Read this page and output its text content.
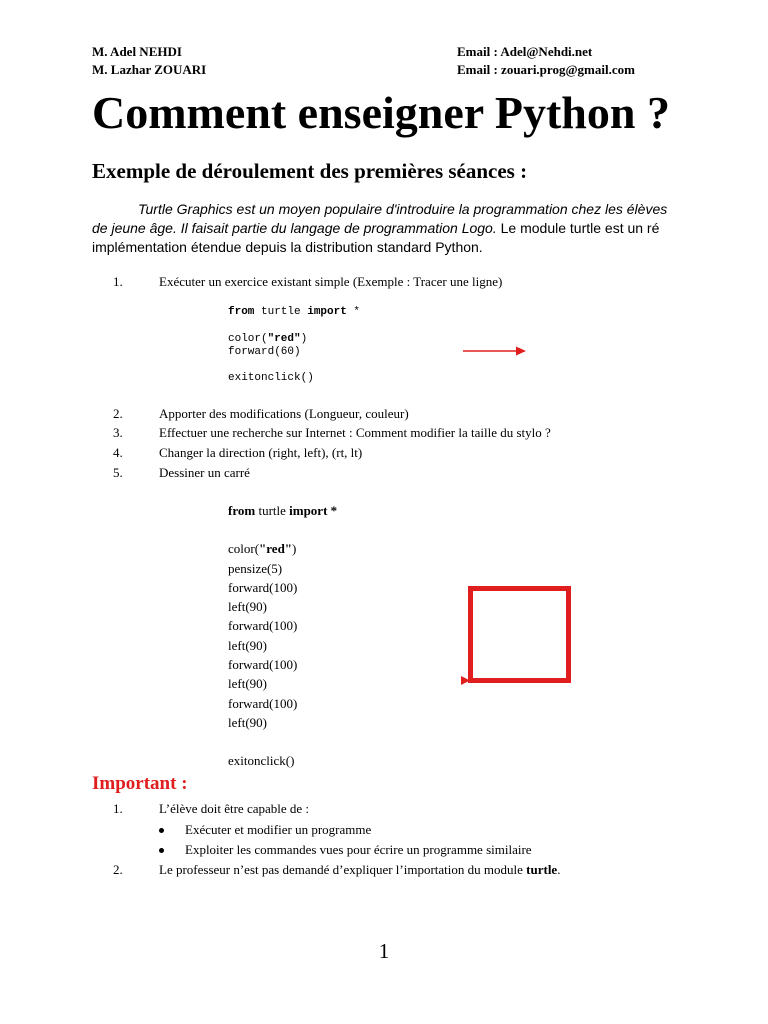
M. Adel NEHDI
M. Lazhar ZOUARI
Email : Adel@Nehdi.net
Email : zouari.prog@gmail.com
Comment enseigner Python ?
Exemple de déroulement des premières séances :
Turtle Graphics est un moyen populaire d'introduire la programmation chez les élèves de jeune âge. Il faisait partie du langage de programmation Logo. Le module turtle est un ré implémentation étendue depuis la distribution standard Python.
1.	Exécuter un exercice existant simple (Exemple : Tracer une ligne)
from turtle import *
color("red")
forward(60)
exitonclick()
2.	Apporter des modifications (Longueur, couleur)
3.	Effectuer une recherche sur Internet : Comment modifier la taille du stylo ?
4.	Changer la direction (right, left), (rt, lt)
5.	Dessiner un carré
from turtle import *
color("red")
pensize(5)
forward(100)
left(90)
forward(100)
left(90)
forward(100)
left(90)
forward(100)
left(90)
exitonclick()
Important :
1.	L’élève doit être capable de :
Exécuter et modifier un programme
Exploiter les commandes vues pour écrire un programme similaire
2.	Le professeur n’est pas demandé d’expliquer l’importation du module turtle.
1
